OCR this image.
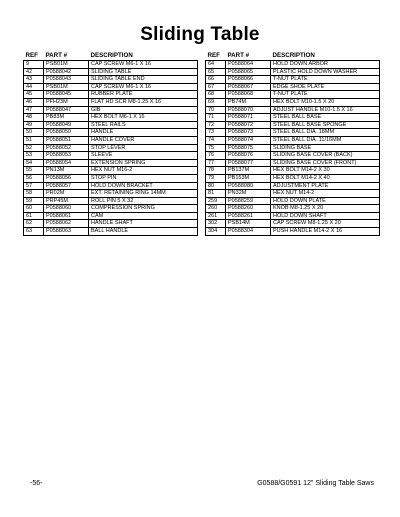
Sliding Table
REF	PART #	DESCRIPTION
9	PSB01M	CAP SCREW M6-1 X 16
42	P0588042	SLIDING TABLE
43	P0588043	SLIDING TABLE END
44	PSB01M	CAP SCREW M6-1 X 16
45	P0588045	RUBBER PLATE
46	PFH23M	FLAT HD SCR M8-1.25 X 16
47	P0588047	GIB
48	PB83M	HEX BOLT M6-1 X 16
49	P0588049	STEEL RAILS
50	P0588050	HANDLE
51	P0588051	HANDLE COVER
52	P0588052	STOP LEVER
53	P0588053	SLEEVE
54	P0588054	EXTENSION SPRING
55	PN13M	HEX NUT M16-2
56	P0588056	STOP PIN
57	P0588057	HOLD DOWN BRACKET
58	PR02M	EXT. RETAINING RING 14MM
59	PRP45M	ROLL PIN 5 X 32
60	P0588060	COMPRESSION SPRING
61	P0588061	CAM
62	P0588062	HANDLE SHAFT
63	P0588063	BALL HANDLE
REF	PART #	DESCRIPTION
64	P0588064	HOLD DOWN ARBOR
65	P0588065	PLASTIC HOLD DOWN WASHER
66	P0588066	T-NUT PLATE
67	P0588067	EDGE SHOE PLATE
68	P0588068	T-NUT PLATE
69	PB74M	HEX BOLT M10-1.5 X 20
70	P0588070	ADJUST HANDLE M10-1.5 X 16
71	P0588071	STEEL BALL BASE
72	P0588072	STEEL BALL BASE SPONGE
73	P0588073	STEEL BALL DIA. 18MM
74	P0588074	STEEL BALL DIA. 11/16MM
75	P0588075	SLIDING BASE
76	P0588076	SLIDING BASE COVER (BACK)
77	P0588077	SLIDING BASE COVER (FRONT)
78	PB137M	HEX BOLT M14-2 X 30
79	PB153M	HEX BOLT M14-2 X 40
80	P0588080	ADJUSTMENT PLATE
81	PN32M	HEX NUT M14-2
259	P0588259	HOLD DOWN PLATE
260	P0588260	KNOB M8-1.25 X 20
261	P0588261	HOLD DOWN SHAFT
302	PSB14M	CAP SCREW M8-1.25 X 20
304	P0588304	PUSH HANDLE M14-2 X 16
-56-	G0588/G0591 12" Sliding Table Saws
